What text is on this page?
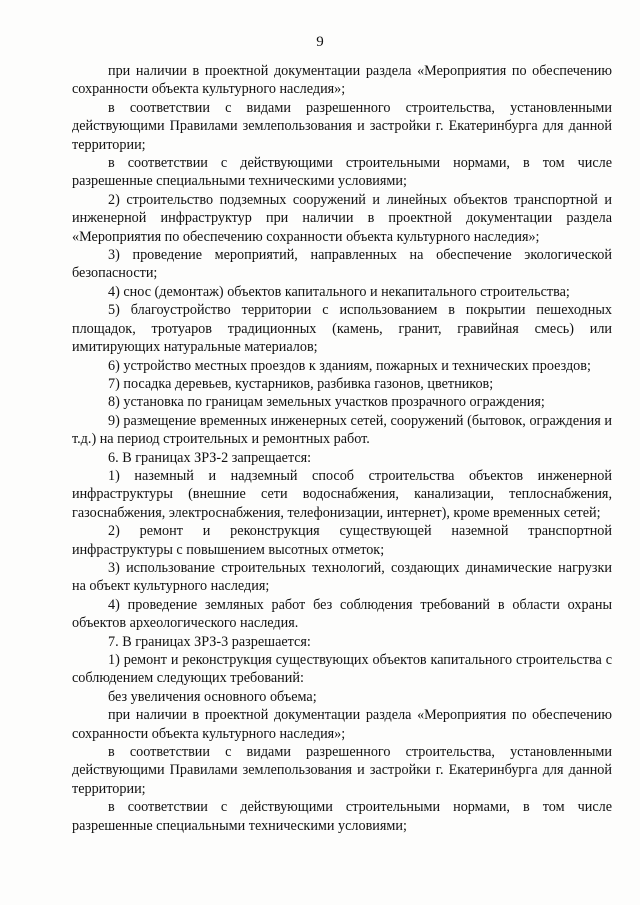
9

при наличии в проектной документации раздела «Мероприятия по обеспечению сохранности объекта культурного наследия»;

в соответствии с видами разрешенного строительства, установленными действующими Правилами землепользования и застройки г. Екатеринбурга для данной территории;

в соответствии с действующими строительными нормами, в том числе разрешенные специальными техническими условиями;

2) строительство подземных сооружений и линейных объектов транспортной и инженерной инфраструктур при наличии в проектной документации раздела «Мероприятия по обеспечению сохранности объекта культурного наследия»;

3) проведение мероприятий, направленных на обеспечение экологической безопасности;

4) снос (демонтаж) объектов капитального и некапитального строительства;

5) благоустройство территории с использованием в покрытии пешеходных площадок, тротуаров традиционных (камень, гранит, гравийная смесь) или имитирующих натуральные материалов;

6) устройство местных проездов к зданиям, пожарных и технических проездов;

7) посадка деревьев, кустарников, разбивка газонов, цветников;

8) установка по границам земельных участков прозрачного ограждения;

9) размещение временных инженерных сетей, сооружений (бытовок, ограждения и т.д.) на период строительных и ремонтных работ.

6. В границах ЗРЗ-2 запрещается:

1) наземный и надземный способ строительства объектов инженерной инфраструктуры (внешние сети водоснабжения, канализации, теплоснабжения, газоснабжения, электроснабжения, телефонизации, интернет), кроме временных сетей;

2) ремонт и реконструкция существующей наземной транспортной инфраструктуры с повышением высотных отметок;

3) использование строительных технологий, создающих динамические нагрузки на объект культурного наследия;

4) проведение земляных работ без соблюдения требований в области охраны объектов археологического наследия.

7. В границах ЗРЗ-3 разрешается:

1) ремонт и реконструкция существующих объектов капитального строительства с соблюдением следующих требований:

без увеличения основного объема;

при наличии в проектной документации раздела «Мероприятия по обеспечению сохранности объекта культурного наследия»;

в соответствии с видами разрешенного строительства, установленными действующими Правилами землепользования и застройки г. Екатеринбурга для данной территории;

в соответствии с действующими строительными нормами, в том числе разрешенные специальными техническими условиями;
